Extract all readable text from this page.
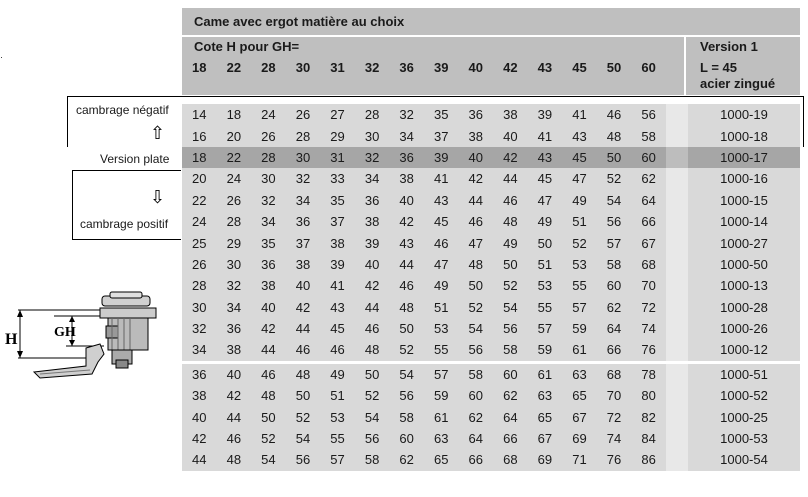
Came avec ergot matière au choix
Cote H pour GH=
18	22	28	30	31	32	36	39	40	42	43	45	50	60
Version 1
L = 45
acier zingué
14	18	24	26	27	28	32	35	36	38	39	41	46	56	1000-19
16	20	26	28	29	30	34	37	38	40	41	43	48	58	1000-18
18	22	28	30	31	32	36	39	40	42	43	45	50	60	1000-17
20	24	30	32	33	34	38	41	42	44	45	47	52	62	1000-16
22	26	32	34	35	36	40	43	44	46	47	49	54	64	1000-15
24	28	34	36	37	38	42	45	46	48	49	51	56	66	1000-14
25	29	35	37	38	39	43	46	47	49	50	52	57	67	1000-27
26	30	36	38	39	40	44	47	48	50	51	53	58	68	1000-50
28	32	38	40	41	42	46	49	50	52	53	55	60	70	1000-13
30	34	40	42	43	44	48	51	52	54	55	57	62	72	1000-28
32	36	42	44	45	46	50	53	54	56	57	59	64	74	1000-26
34	38	44	46	46	48	52	55	56	58	59	61	66	76	1000-12
36	40	46	48	49	50	54	57	58	60	61	63	68	78	1000-51
38	42	48	50	51	52	56	59	60	62	63	65	70	80	1000-52
40	44	50	52	53	54	58	61	62	64	65	67	72	82	1000-25
42	46	52	54	55	56	60	63	64	66	67	69	74	84	1000-53
44	48	54	56	57	58	62	65	66	68	69	71	76	86	1000-54
·
cambrage négatif
⇧
Version plate
⇩
cambrage positif
H	GH
